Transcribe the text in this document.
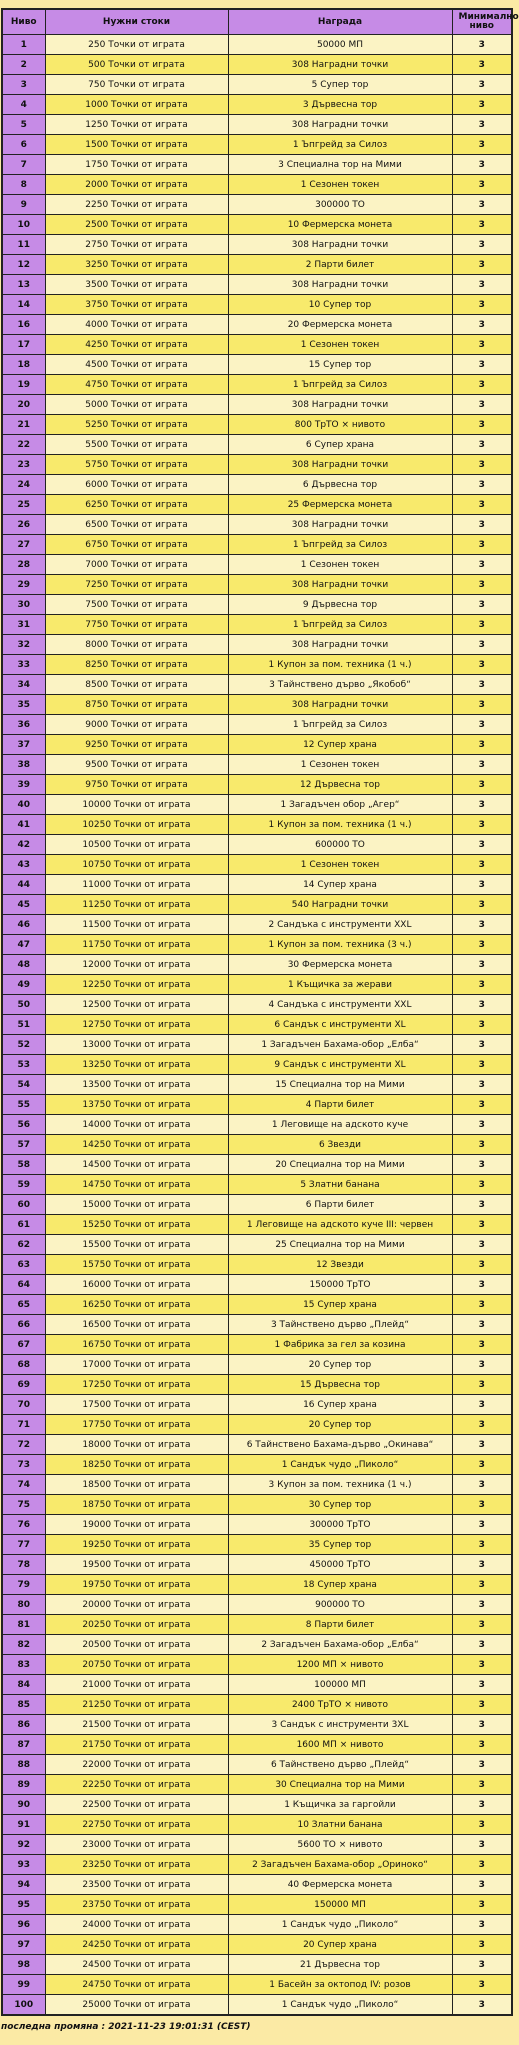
Ниво	Нужни стоки	Награда	Минимално ниво
1	250 Точки от играта	50000 МП	3
2	500 Точки от играта	308 Наградни точки	3
3	750 Точки от играта	5 Супер тор	3
4	1000 Точки от играта	3 Дървесна тор	3
5	1250 Точки от играта	308 Наградни точки	3
6	1500 Точки от играта	1 Ъпгрейд за Силоз	3
7	1750 Точки от играта	3 Специална тор на Мими	3
8	2000 Точки от играта	1 Сезонен токен	3
9	2250 Точки от играта	300000 ТО	3
10	2500 Точки от играта	10 Фермерска монета	3
11	2750 Точки от играта	308 Наградни точки	3
12	3250 Точки от играта	2 Парти билет	3
13	3500 Точки от играта	308 Наградни точки	3
14	3750 Точки от играта	10 Супер тор	3
16	4000 Точки от играта	20 Фермерска монета	3
17	4250 Точки от играта	1 Сезонен токен	3
18	4500 Точки от играта	15 Супер тор	3
19	4750 Точки от играта	1 Ъпгрейд за Силоз	3
20	5000 Точки от играта	308 Наградни точки	3
21	5250 Точки от играта	800 ТрТО × нивото	3
22	5500 Точки от играта	6 Супер храна	3
23	5750 Точки от играта	308 Наградни точки	3
24	6000 Точки от играта	6 Дървесна тор	3
25	6250 Точки от играта	25 Фермерска монета	3
26	6500 Точки от играта	308 Наградни точки	3
27	6750 Точки от играта	1 Ъпгрейд за Силоз	3
28	7000 Точки от играта	1 Сезонен токен	3
29	7250 Точки от играта	308 Наградни точки	3
30	7500 Точки от играта	9 Дървесна тор	3
31	7750 Точки от играта	1 Ъпгрейд за Силоз	3
32	8000 Точки от играта	308 Наградни точки	3
33	8250 Точки от играта	1 Купон за пом. техника (1 ч.)	3
34	8500 Точки от играта	3 Тайнствено дърво „Якобоб“	3
35	8750 Точки от играта	308 Наградни точки	3
36	9000 Точки от играта	1 Ъпгрейд за Силоз	3
37	9250 Точки от играта	12 Супер храна	3
38	9500 Точки от играта	1 Сезонен токен	3
39	9750 Точки от играта	12 Дървесна тор	3
40	10000 Точки от играта	1 Загадъчен обор „Агер“	3
41	10250 Точки от играта	1 Купон за пом. техника (1 ч.)	3
42	10500 Точки от играта	600000 ТО	3
43	10750 Точки от играта	1 Сезонен токен	3
44	11000 Точки от играта	14 Супер храна	3
45	11250 Точки от играта	540 Наградни точки	3
46	11500 Точки от играта	2 Сандъка с инструменти XXL	3
47	11750 Точки от играта	1 Купон за пом. техника (3 ч.)	3
48	12000 Точки от играта	30 Фермерска монета	3
49	12250 Точки от играта	1 Къщичка за жерави	3
50	12500 Точки от играта	4 Сандъка с инструменти XXL	3
51	12750 Точки от играта	6 Сандък с инструменти XL	3
52	13000 Точки от играта	1 Загадъчен Бахама-обор „Елба“	3
53	13250 Точки от играта	9 Сандък с инструменти XL	3
54	13500 Точки от играта	15 Специална тор на Мими	3
55	13750 Точки от играта	4 Парти билет	3
56	14000 Точки от играта	1 Леговище на адското куче	3
57	14250 Точки от играта	6 Звезди	3
58	14500 Точки от играта	20 Специална тор на Мими	3
59	14750 Точки от играта	5 Златни банана	3
60	15000 Точки от играта	6 Парти билет	3
61	15250 Точки от играта	1 Леговище на адското куче III: червен	3
62	15500 Точки от играта	25 Специална тор на Мими	3
63	15750 Точки от играта	12 Звезди	3
64	16000 Точки от играта	150000 ТрТО	3
65	16250 Точки от играта	15 Супер храна	3
66	16500 Точки от играта	3 Тайнствено дърво „Плейд“	3
67	16750 Точки от играта	1 Фабрика за гел за козина	3
68	17000 Точки от играта	20 Супер тор	3
69	17250 Точки от играта	15 Дървесна тор	3
70	17500 Точки от играта	16 Супер храна	3
71	17750 Точки от играта	20 Супер тор	3
72	18000 Точки от играта	6 Тайнствено Бахама-дърво „Окинава“	3
73	18250 Точки от играта	1 Сандък чудо „Пиколо“	3
74	18500 Точки от играта	3 Купон за пом. техника (1 ч.)	3
75	18750 Точки от играта	30 Супер тор	3
76	19000 Точки от играта	300000 ТрТО	3
77	19250 Точки от играта	35 Супер тор	3
78	19500 Точки от играта	450000 ТрТО	3
79	19750 Точки от играта	18 Супер храна	3
80	20000 Точки от играта	900000 ТО	3
81	20250 Точки от играта	8 Парти билет	3
82	20500 Точки от играта	2 Загадъчен Бахама-обор „Елба“	3
83	20750 Точки от играта	1200 МП × нивото	3
84	21000 Точки от играта	100000 МП	3
85	21250 Точки от играта	2400 ТрТО × нивото	3
86	21500 Точки от играта	3 Сандък с инструменти 3XL	3
87	21750 Точки от играта	1600 МП × нивото	3
88	22000 Точки от играта	6 Тайнствено дърво „Плейд“	3
89	22250 Точки от играта	30 Специална тор на Мими	3
90	22500 Точки от играта	1 Къщичка за гаргойли	3
91	22750 Точки от играта	10 Златни банана	3
92	23000 Точки от играта	5600 ТО × нивото	3
93	23250 Точки от играта	2 Загадъчен Бахама-обор „Ориноко“	3
94	23500 Точки от играта	40 Фермерска монета	3
95	23750 Точки от играта	150000 МП	3
96	24000 Точки от играта	1 Сандък чудо „Пиколо“	3
97	24250 Точки от играта	20 Супер храна	3
98	24500 Точки от играта	21 Дървесна тор	3
99	24750 Точки от играта	1 Басейн за октопод IV: розов	3
100	25000 Точки от играта	1 Сандък чудо „Пиколо“	3
последна промяна : 2021-11-23 19:01:31 (CEST)
